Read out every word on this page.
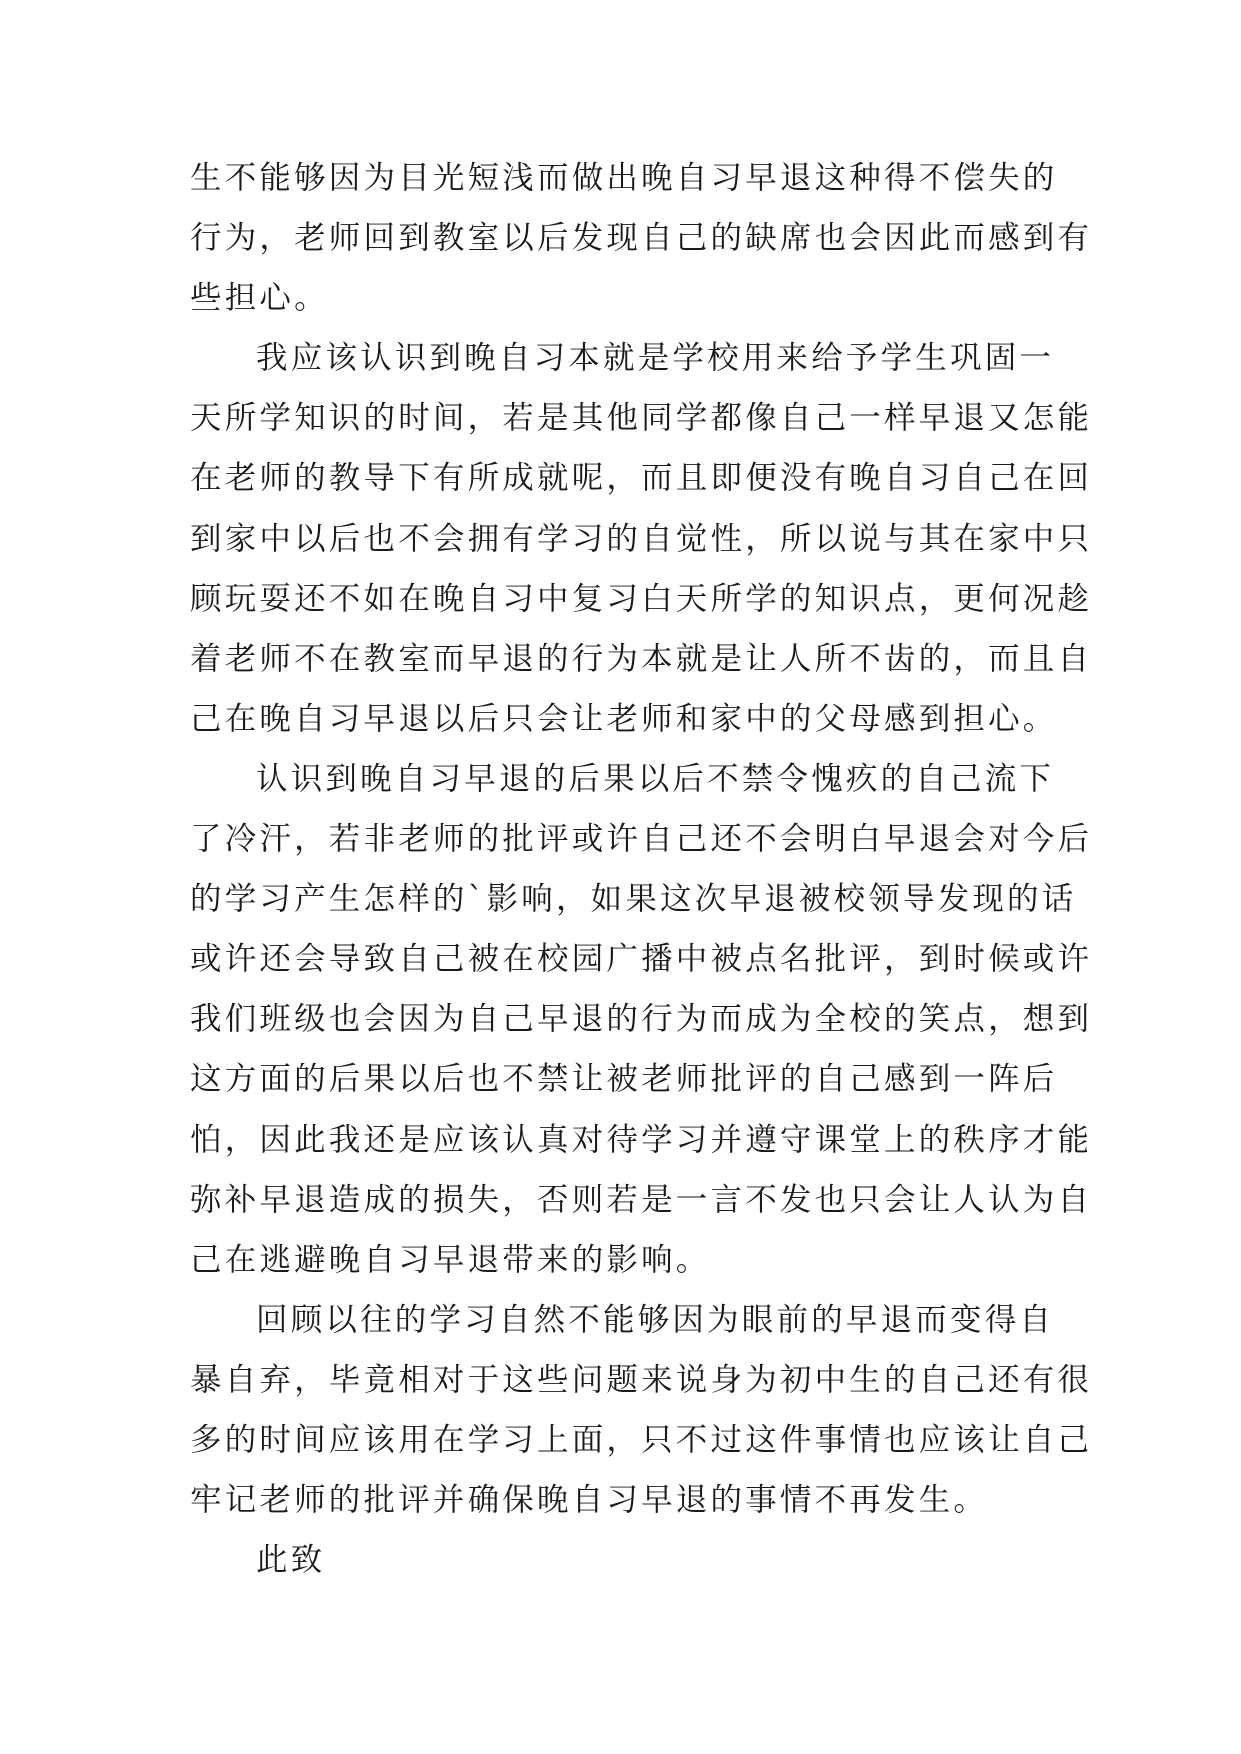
生不能够因为目光短浅而做出晚自习早退这种得不偿失的
行为，老师回到教室以后发现自己的缺席也会因此而感到有
些担心。
我应该认识到晚自习本就是学校用来给予学生巩固一
天所学知识的时间，若是其他同学都像自己一样早退又怎能
在老师的教导下有所成就呢，而且即便没有晚自习自己在回
到家中以后也不会拥有学习的自觉性，所以说与其在家中只
顾玩耍还不如在晚自习中复习白天所学的知识点，更何况趁
着老师不在教室而早退的行为本就是让人所不齿的，而且自
己在晚自习早退以后只会让老师和家中的父母感到担心。
认识到晚自习早退的后果以后不禁令愧疚的自己流下
了冷汗，若非老师的批评或许自己还不会明白早退会对今后
的学习产生怎样的`影响，如果这次早退被校领导发现的话
或许还会导致自己被在校园广播中被点名批评，到时候或许
我们班级也会因为自己早退的行为而成为全校的笑点，想到
这方面的后果以后也不禁让被老师批评的自己感到一阵后
怕，因此我还是应该认真对待学习并遵守课堂上的秩序才能
弥补早退造成的损失，否则若是一言不发也只会让人认为自
己在逃避晚自习早退带来的影响。
回顾以往的学习自然不能够因为眼前的早退而变得自
暴自弃，毕竟相对于这些问题来说身为初中生的自己还有很
多的时间应该用在学习上面，只不过这件事情也应该让自己
牢记老师的批评并确保晚自习早退的事情不再发生。
此致
